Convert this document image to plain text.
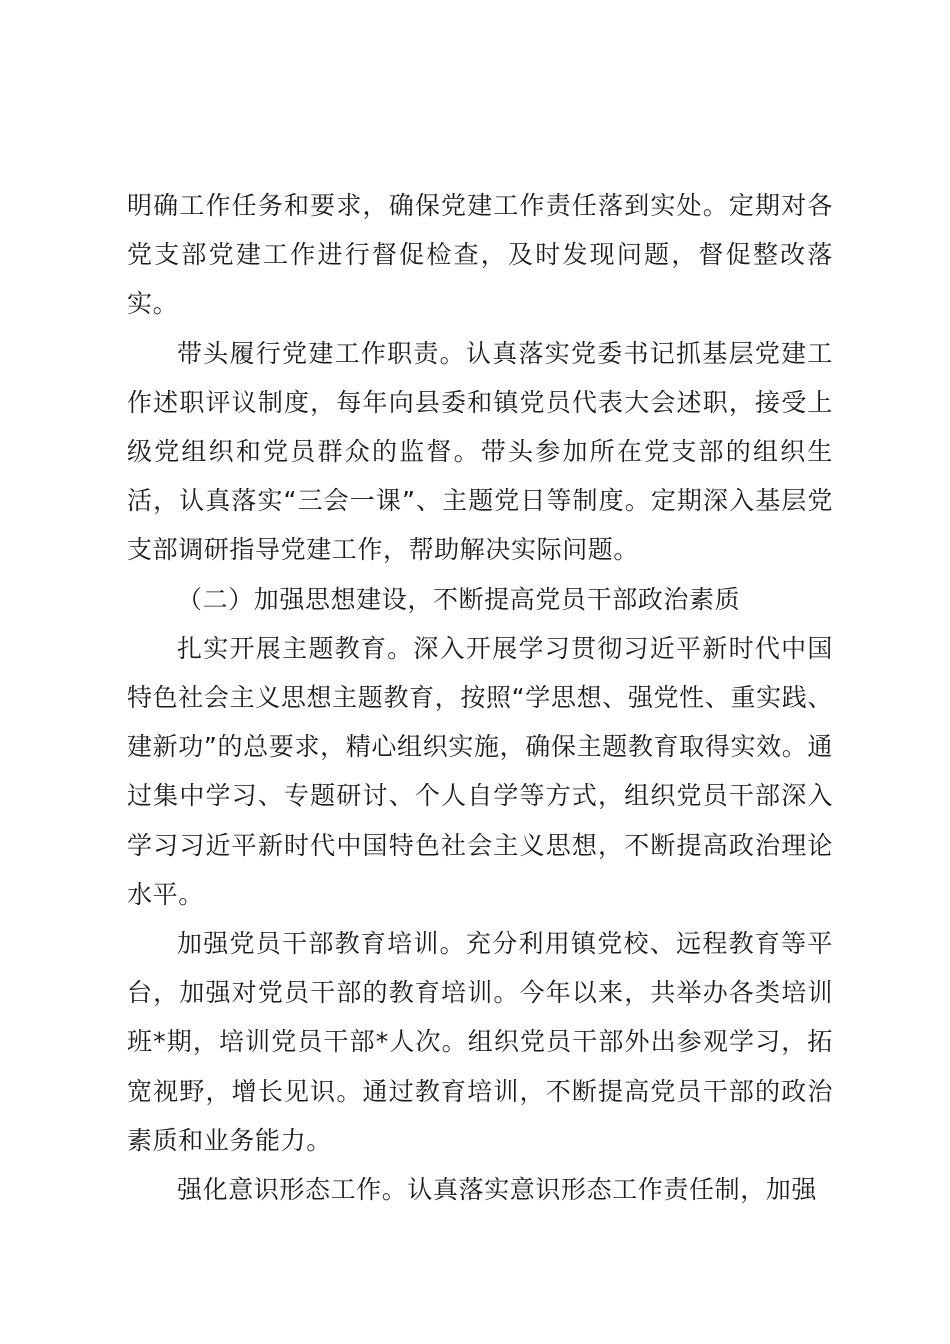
明确工作任务和要求，确保党建工作责任落到实处。定期对各党支部党建工作进行督促检查，及时发现问题，督促整改落实。

带头履行党建工作职责。认真落实党委书记抓基层党建工作述职评议制度，每年向县委和镇党员代表大会述职，接受上级党组织和党员群众的监督。带头参加所在党支部的组织生活，认真落实“三会一课”、主题党日等制度。定期深入基层党支部调研指导党建工作，帮助解决实际问题。

（二）加强思想建设，不断提高党员干部政治素质

扎实开展主题教育。深入开展学习贯彻习近平新时代中国特色社会主义思想主题教育，按照“学思想、强党性、重实践、建新功”的总要求，精心组织实施，确保主题教育取得实效。通过集中学习、专题研讨、个人自学等方式，组织党员干部深入学习习近平新时代中国特色社会主义思想，不断提高政治理论水平。

加强党员干部教育培训。充分利用镇党校、远程教育等平台，加强对党员干部的教育培训。今年以来，共举办各类培训班*期，培训党员干部*人次。组织党员干部外出参观学习，拓宽视野，增长见识。通过教育培训，不断提高党员干部的政治素质和业务能力。

强化意识形态工作。认真落实意识形态工作责任制，加强
